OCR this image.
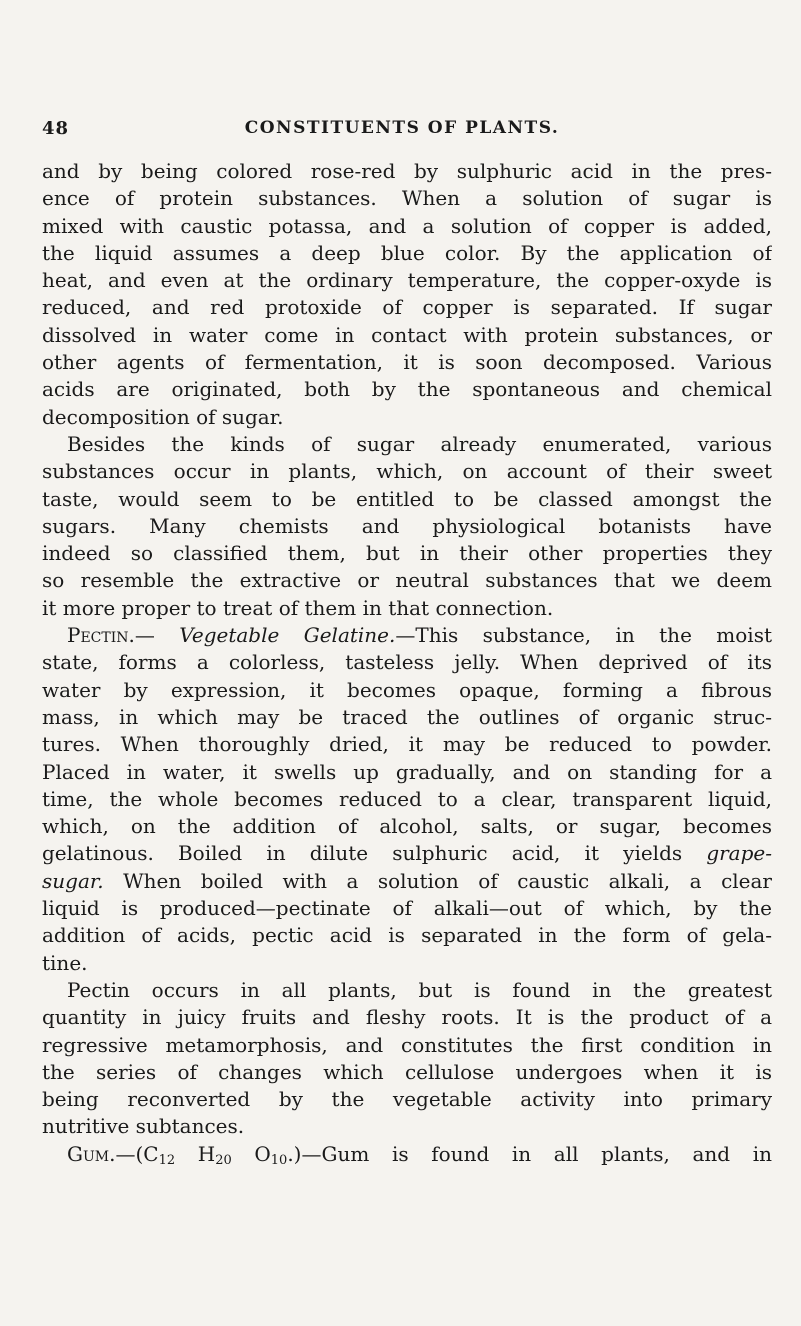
48	CONSTITUENTS OF PLANTS.
and by being colored rose-red by sulphuric acid in the pres-
ence of protein substances. When a solution of sugar is
mixed with caustic potassa, and a solution of copper is added,
the liquid assumes a deep blue color. By the application of
heat, and even at the ordinary temperature, the copper-oxyde is
reduced, and red protoxide of copper is separated. If sugar
dissolved in water come in contact with protein substances, or
other agents of fermentation, it is soon decomposed. Various
acids are originated, both by the spontaneous and chemical
decomposition of sugar.
Besides the kinds of sugar already enumerated, various
substances occur in plants, which, on account of their sweet
taste, would seem to be entitled to be classed amongst the
sugars. Many chemists and physiological botanists have
indeed so classified them, but in their other properties they
so resemble the extractive or neutral substances that we deem
it more proper to treat of them in that connection.
Pectin.— Vegetable Gelatine.—This substance, in the moist
state, forms a colorless, tasteless jelly. When deprived of its
water by expression, it becomes opaque, forming a fibrous
mass, in which may be traced the outlines of organic struc-
tures. When thoroughly dried, it may be reduced to powder.
Placed in water, it swells up gradually, and on standing for a
time, the whole becomes reduced to a clear, transparent liquid,
which, on the addition of alcohol, salts, or sugar, becomes
gelatinous. Boiled in dilute sulphuric acid, it yields grape-
sugar. When boiled with a solution of caustic alkali, a clear
liquid is produced—pectinate of alkali—out of which, by the
addition of acids, pectic acid is separated in the form of gela-
tine.
Pectin occurs in all plants, but is found in the greatest
quantity in juicy fruits and fleshy roots. It is the product of a
regressive metamorphosis, and constitutes the first condition in
the series of changes which cellulose undergoes when it is
being reconverted by the vegetable activity into primary
nutritive subtances.
$Gum.—(C_{12}$ $H_{20}$ $O_{10}.)—Gum$ is found in all plants, and in
